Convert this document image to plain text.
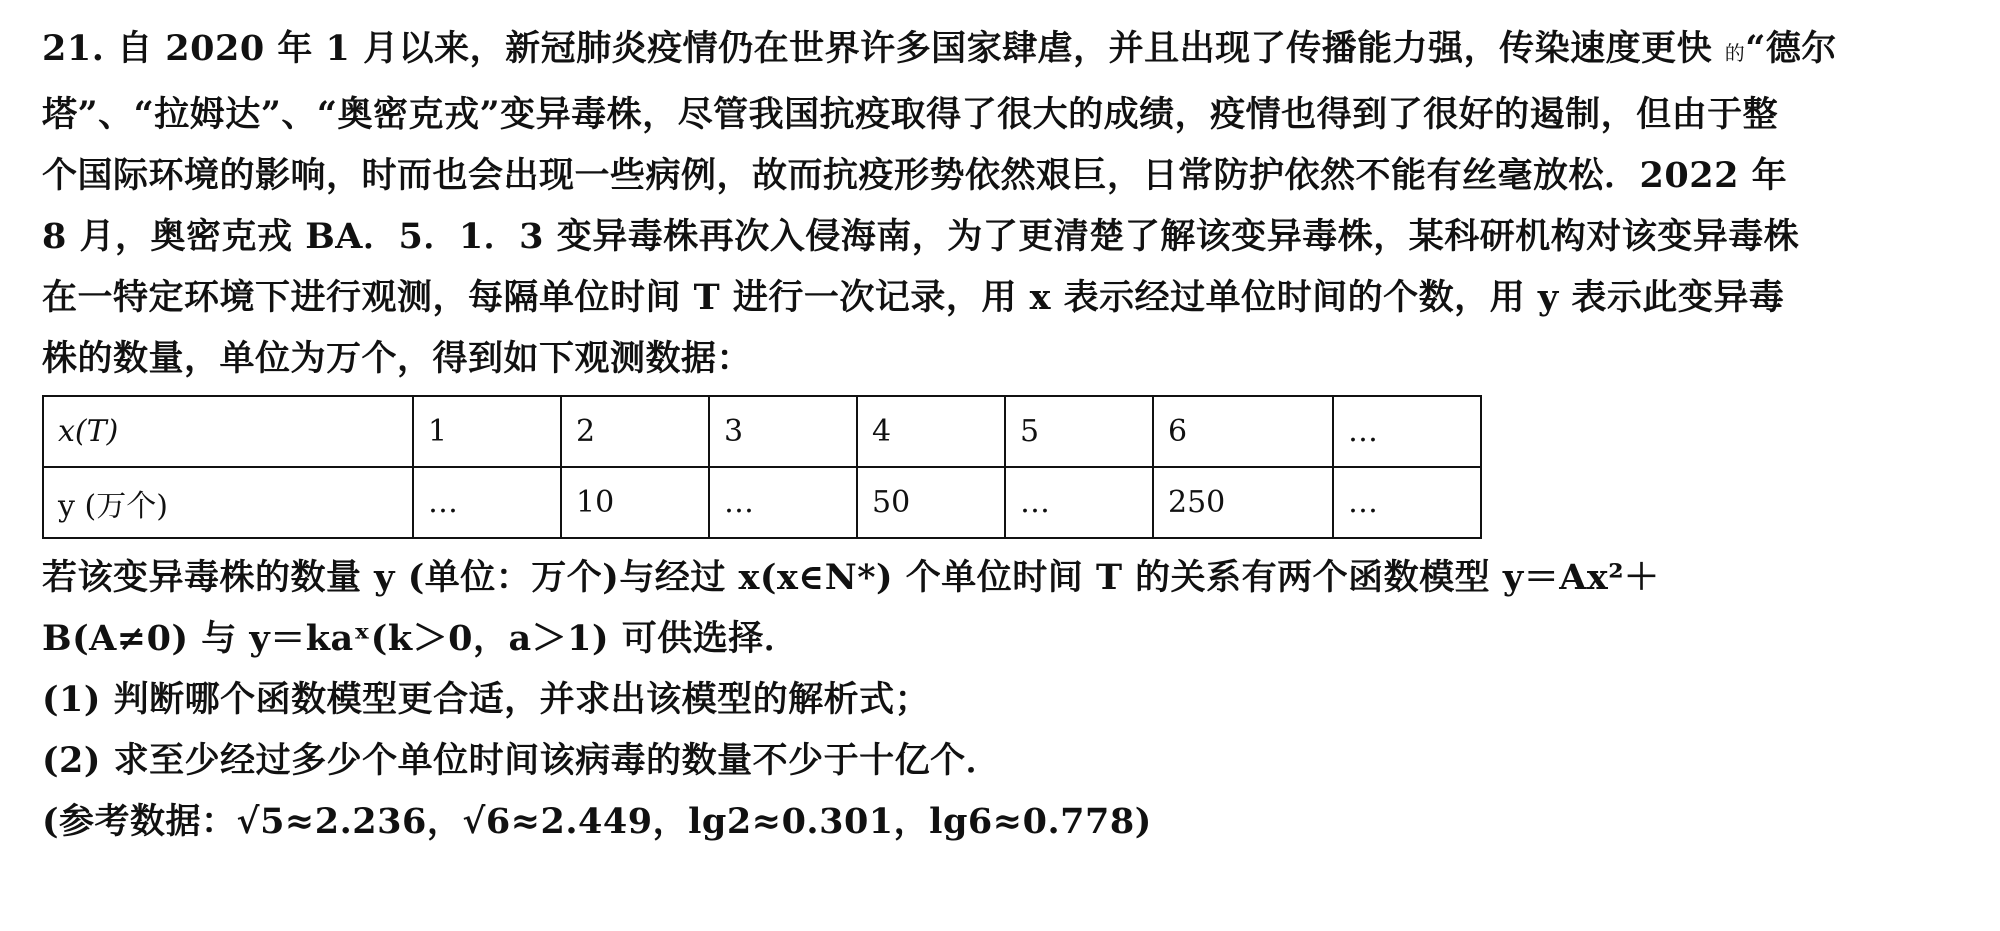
21. 自 2020 年 1 月以来，新冠肺炎疫情仍在世界许多国家肆虐，并且出现了传播能力强，传染速度更快 的“德尔
塔”、“拉姆达”、“奥密克戎”变异毒株，尽管我国抗疫取得了很大的成绩，疫情也得到了很好的遏制，但由于整
个国际环境的影响，时而也会出现一些病例，故而抗疫形势依然艰巨，日常防护依然不能有丝毫放松．2022 年
8 月，奥密克戎 BA．5．1．3 变异毒株再次入侵海南，为了更清楚了解该变异毒株，某科研机构对该变异毒株
在一特定环境下进行观测，每隔单位时间 T 进行一次记录，用 x 表示经过单位时间的个数，用 y 表示此变异毒
株的数量，单位为万个，得到如下观测数据：
x(T)	1	2	3	4	5	6	…
y (万个)	…	10	…	50	…	250	…
若该变异毒株的数量 y (单位：万个)与经过 x(x∈N*) 个单位时间 T 的关系有两个函数模型 y＝Ax²＋
B(A≠0) 与 y＝kaˣ(k＞0，a＞1) 可供选择．
(1) 判断哪个函数模型更合适，并求出该模型的解析式；
(2) 求至少经过多少个单位时间该病毒的数量不少于十亿个．
(参考数据：√5≈2.236，√6≈2.449，lg2≈0.301，lg6≈0.778)
